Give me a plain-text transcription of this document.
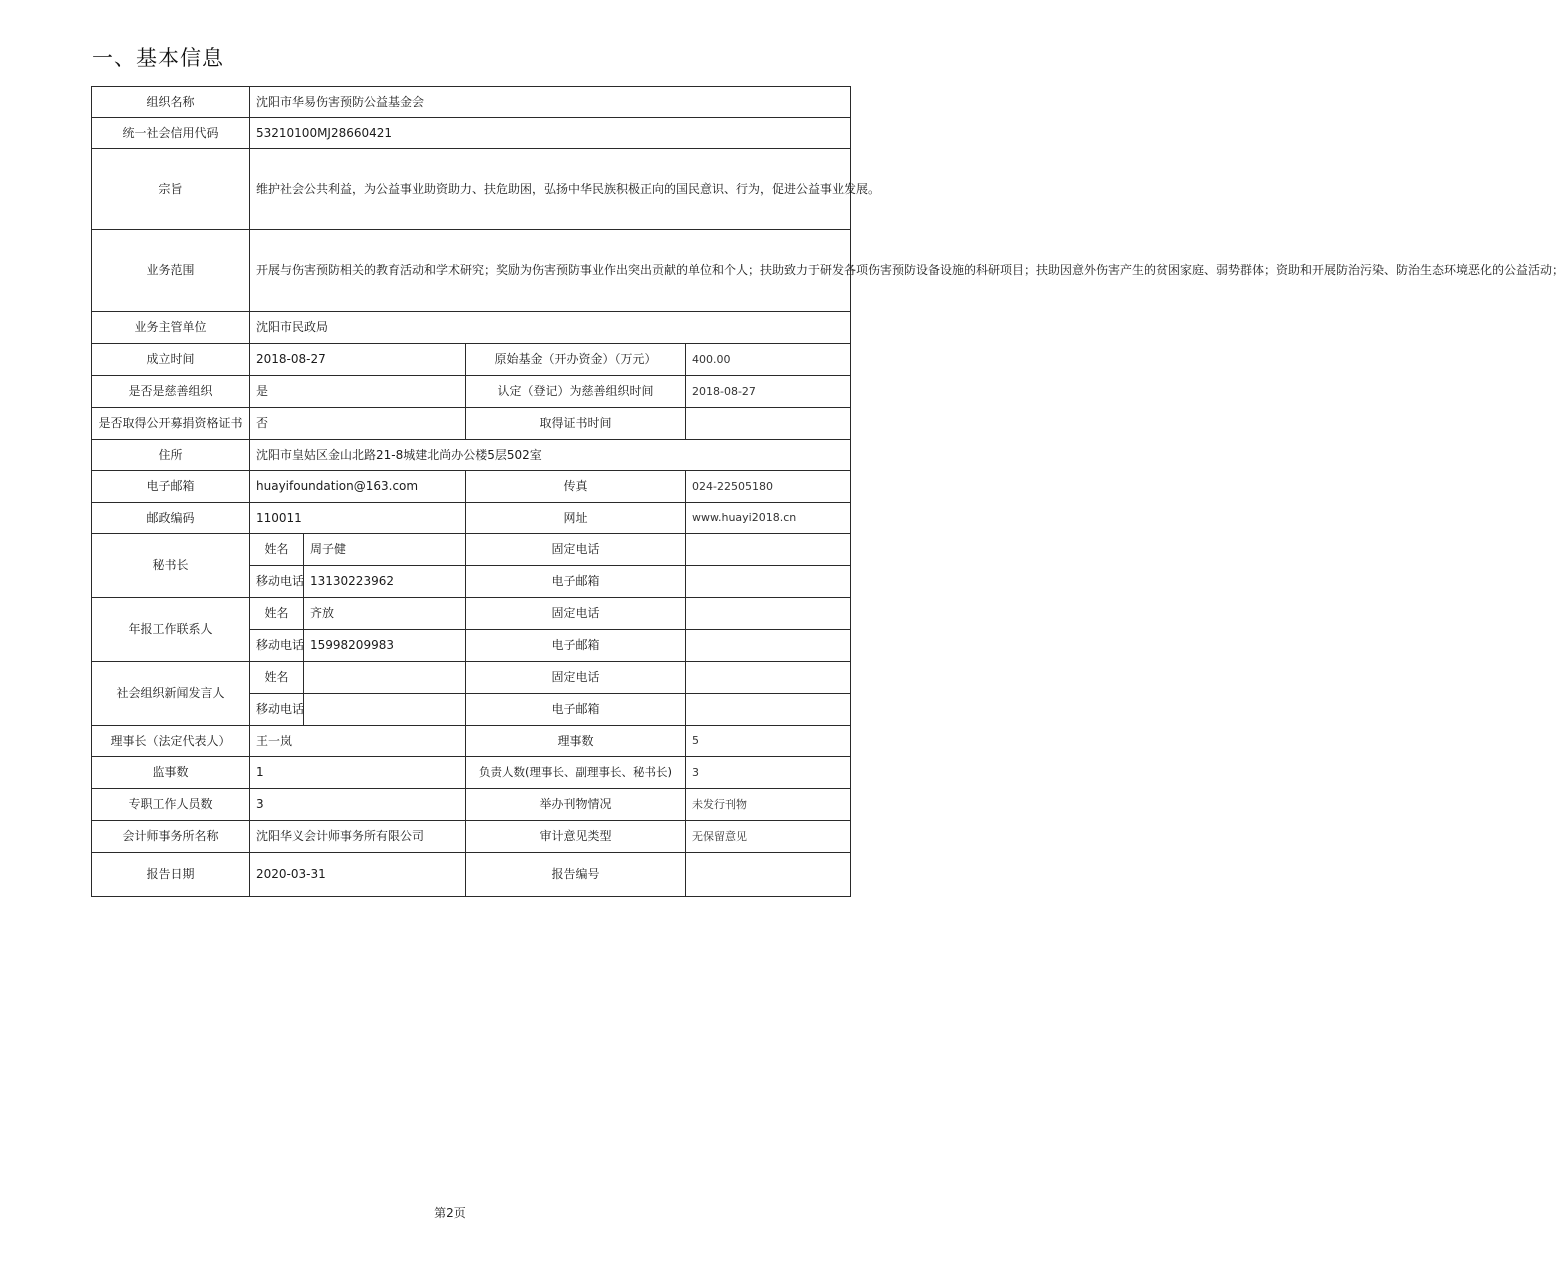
一、基本信息
组织名称	沈阳市华易伤害预防公益基金会			
统一社会信用代码	53210100MJ28660421			
宗旨	维护社会公共利益，为公益事业助资助力、扶危助困，弘扬中华民族积极正向的国民意识、行为，促进公益事业发展。			
业务范围	开展与伤害预防相关的教育活动和学术研究；奖励为伤害预防事业作出突出贡献的单位和个人；扶助致力于研发各项伤害预防设备设施的科研项目；扶助因意外伤害产生的贫困家庭、弱势群体；资助和开展防治污染、防治生态环境恶化的公益活动；			
业务主管单位	沈阳市民政局			
成立时间	2018-08-27		原始基金（开办资金）（万元）	400.00
是否是慈善组织	是		认定（登记）为慈善组织时间	2018-08-27
是否取得公开募捐资格证书	否		取得证书时间	
住所	沈阳市皇姑区金山北路21-8城建北尚办公楼5层502室			
电子邮箱	huayifoundation@163.com		传真	024-22505180
邮政编码	110011		网址	www.huayi2018.cn
秘书长	姓名	周子健	固定电话	
	移动电话	13130223962	电子邮箱	
年报工作联系人	姓名	齐放	固定电话	
	移动电话	15998209983	电子邮箱	
社会组织新闻发言人	姓名		固定电话	
	移动电话		电子邮箱	
理事长（法定代表人）	王一岚		理事数	5
监事数	1		负责人数(理事长、副理事长、秘书长)	3
专职工作人员数	3		举办刊物情况	未发行刊物
会计师事务所名称	沈阳华义会计师事务所有限公司		审计意见类型	无保留意见
报告日期	2020-03-31		报告编号	
第2页
